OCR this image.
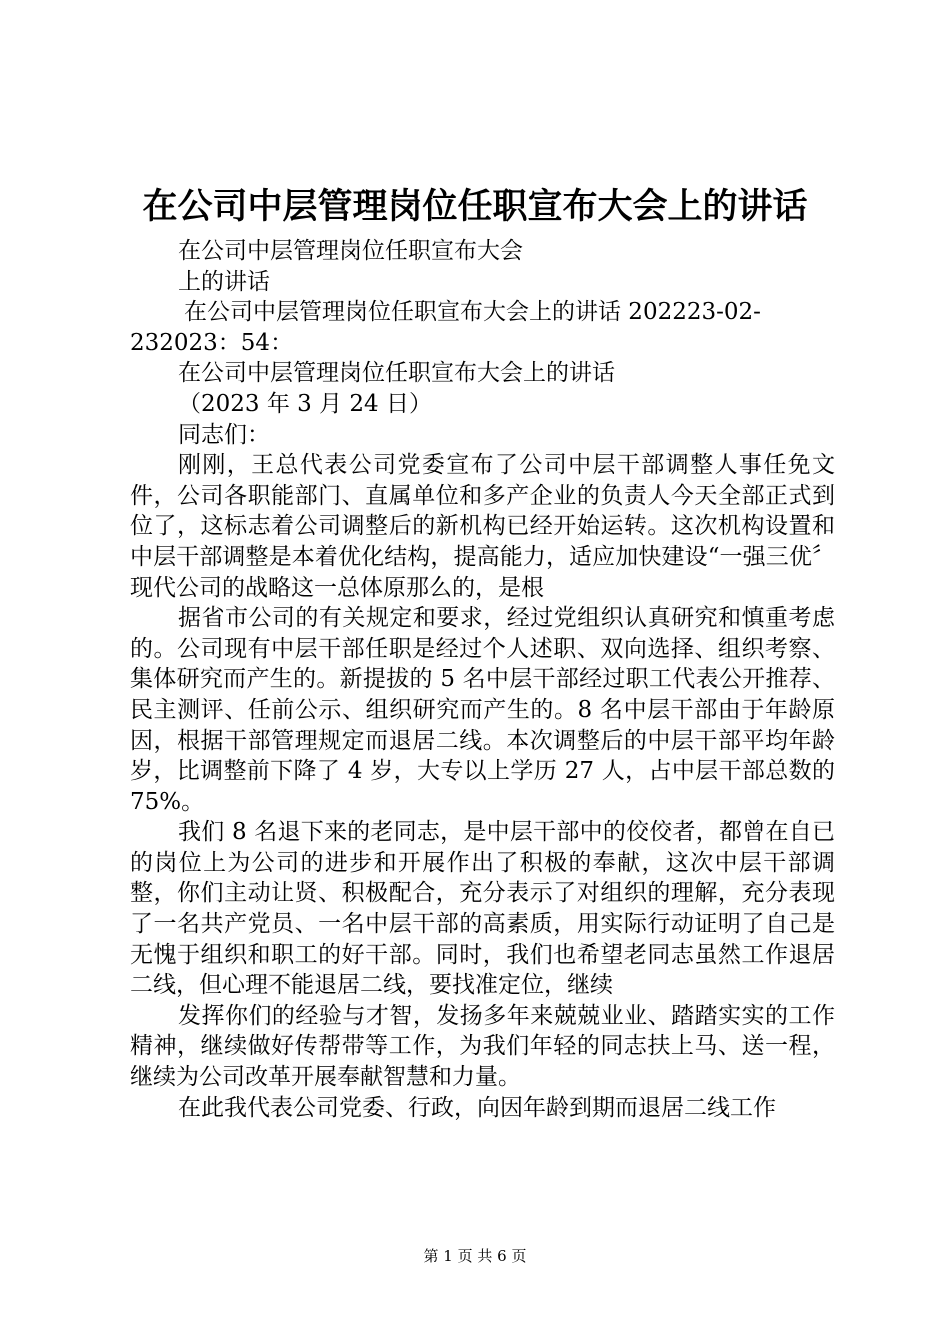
在公司中层管理岗位任职宣布大会上的讲话
在公司中层管理岗位任职宣布大会
上的讲话
在公司中层管理岗位任职宣布大会上的讲话 202223-02-
232023：54：
在公司中层管理岗位任职宣布大会上的讲话
（2023 年 3 月 24 日）
同志们：

刚刚，王总代表公司党委宣布了公司中层干部调整人事任免文件，公司各职能部门、直属单位和多产企业的负责人今天全部正式到位了，这标志着公司调整后的新机构已经开始运转。这次机构设置和中层干部调整是本着优化结构，提高能力，适应加快建设“一强三优〞现代公司的战略这一总体原那么的，是根

据省市公司的有关规定和要求，经过党组织认真研究和慎重考虑的。公司现有中层干部任职是经过个人述职、双向选择、组织考察、集体研究而产生的。新提拔的 5 名中层干部经过职工代表公开推荐、民主测评、任前公示、组织研究而产生的。8 名中层干部由于年龄原因，根据干部管理规定而退居二线。本次调整后的中层干部平均年龄岁，比调整前下降了 4 岁，大专以上学历 27 人，占中层干部总数的 75%。

我们 8 名退下来的老同志，是中层干部中的佼佼者，都曾在自已的岗位上为公司的进步和开展作出了积极的奉献，这次中层干部调整，你们主动让贤、积极配合，充分表示了对组织的理解，充分表现了一名共产党员、一名中层干部的高素质，用实际行动证明了自己是无愧于组织和职工的好干部。同时，我们也希望老同志虽然工作退居二线，但心理不能退居二线，要找准定位，继续

发挥你们的经验与才智，发扬多年来兢兢业业、踏踏实实的工作精神，继续做好传帮带等工作，为我们年轻的同志扶上马、送一程，继续为公司改革开展奉献智慧和力量。

在此我代表公司党委、行政，向因年龄到期而退居二线工作

第 1 页 共 6 页
